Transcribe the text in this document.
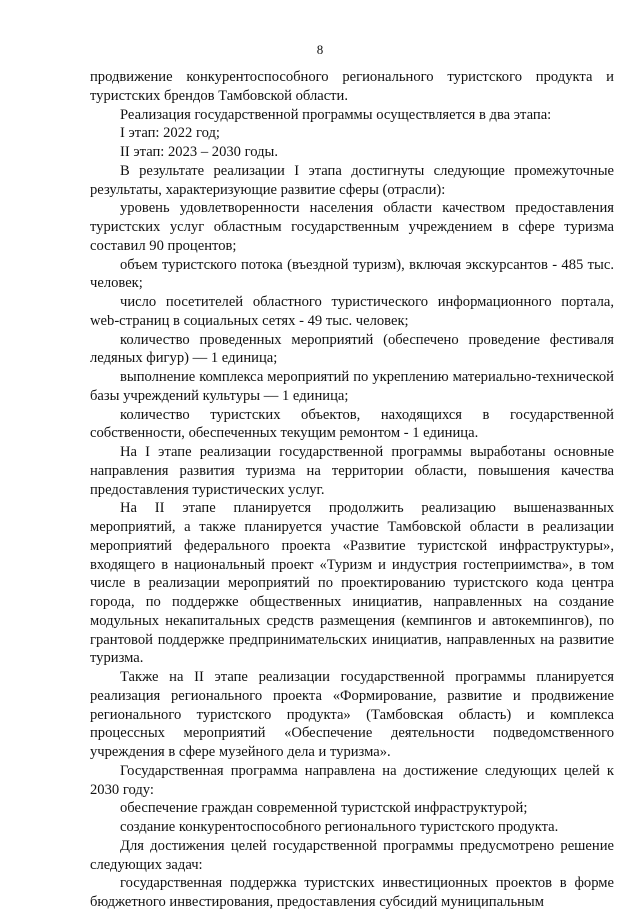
8

продвижение конкурентоспособного регионального туристского продукта и туристских брендов Тамбовской области.

Реализация государственной программы осуществляется в два этапа:

I этап: 2022 год;

II этап: 2023 – 2030 годы.

В результате реализации I этапа достигнуты следующие промежуточные результаты, характеризующие развитие сферы (отрасли):

уровень удовлетворенности населения области качеством предоставления туристских услуг областным государственным учреждением в сфере туризма составил 90 процентов;

объем туристского потока (въездной туризм), включая экскурсантов - 485 тыс. человек;

число посетителей областного туристического информационного портала, web-страниц в социальных сетях - 49 тыс. человек;

количество проведенных мероприятий (обеспечено проведение фестиваля ледяных фигур) — 1 единица;

выполнение комплекса мероприятий по укреплению материально-технической базы учреждений культуры — 1 единица;

количество туристских объектов, находящихся в государственной собственности, обеспеченных текущим ремонтом - 1 единица.

На I этапе реализации государственной программы выработаны основные направления развития туризма на территории области, повышения качества предоставления туристических услуг.

На II этапе планируется продолжить реализацию вышеназванных мероприятий, а также планируется участие Тамбовской области в реализации мероприятий федерального проекта «Развитие туристской инфраструктуры», входящего в национальный проект «Туризм и индустрия гостеприимства», в том числе в реализации мероприятий по проектированию туристского кода центра города, по поддержке общественных инициатив, направленных на создание модульных некапитальных средств размещения (кемпингов и автокемпингов), по грантовой поддержке предпринимательских инициатив, направленных на развитие туризма.

Также на II этапе реализации государственной программы планируется реализация регионального проекта «Формирование, развитие и продвижение регионального туристского продукта» (Тамбовская область) и комплекса процессных мероприятий «Обеспечение деятельности подведомственного учреждения в сфере музейного дела и туризма».

Государственная программа направлена на достижение следующих целей к 2030 году:

обеспечение граждан современной туристской инфраструктурой;

создание конкурентоспособного регионального туристского продукта.

Для достижения целей государственной программы предусмотрено решение следующих задач:

государственная поддержка туристских инвестиционных проектов в форме бюджетного инвестирования, предоставления субсидий муниципальным
